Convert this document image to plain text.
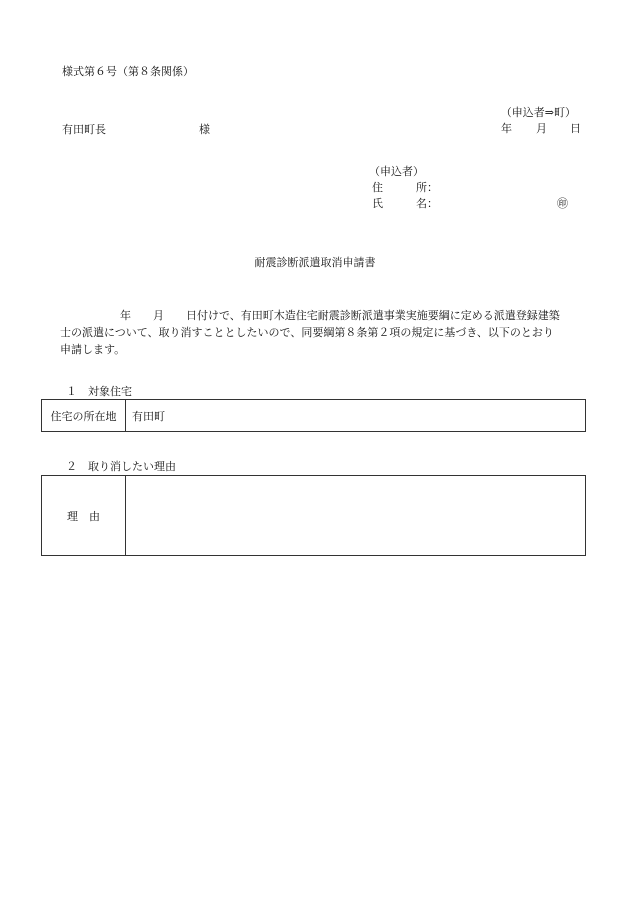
様式第６号（第８条関係）
（申込者⇒町）
年 月 日
有田町長	様
（申込者）
住	所：
氏	名：	㊞
耐震診断派遣取消申請書
年 月 日付けで、有田町木造住宅耐震診断派遣事業実施要綱に定める派遣登録建築
士の派遣について、取り消すこととしたいので、同要綱第８条第２項の規定に基づき、以下のとおり
申請します。
１　対象住宅
住宅の所在地	有田町
２　取り消したい理由
理　由
